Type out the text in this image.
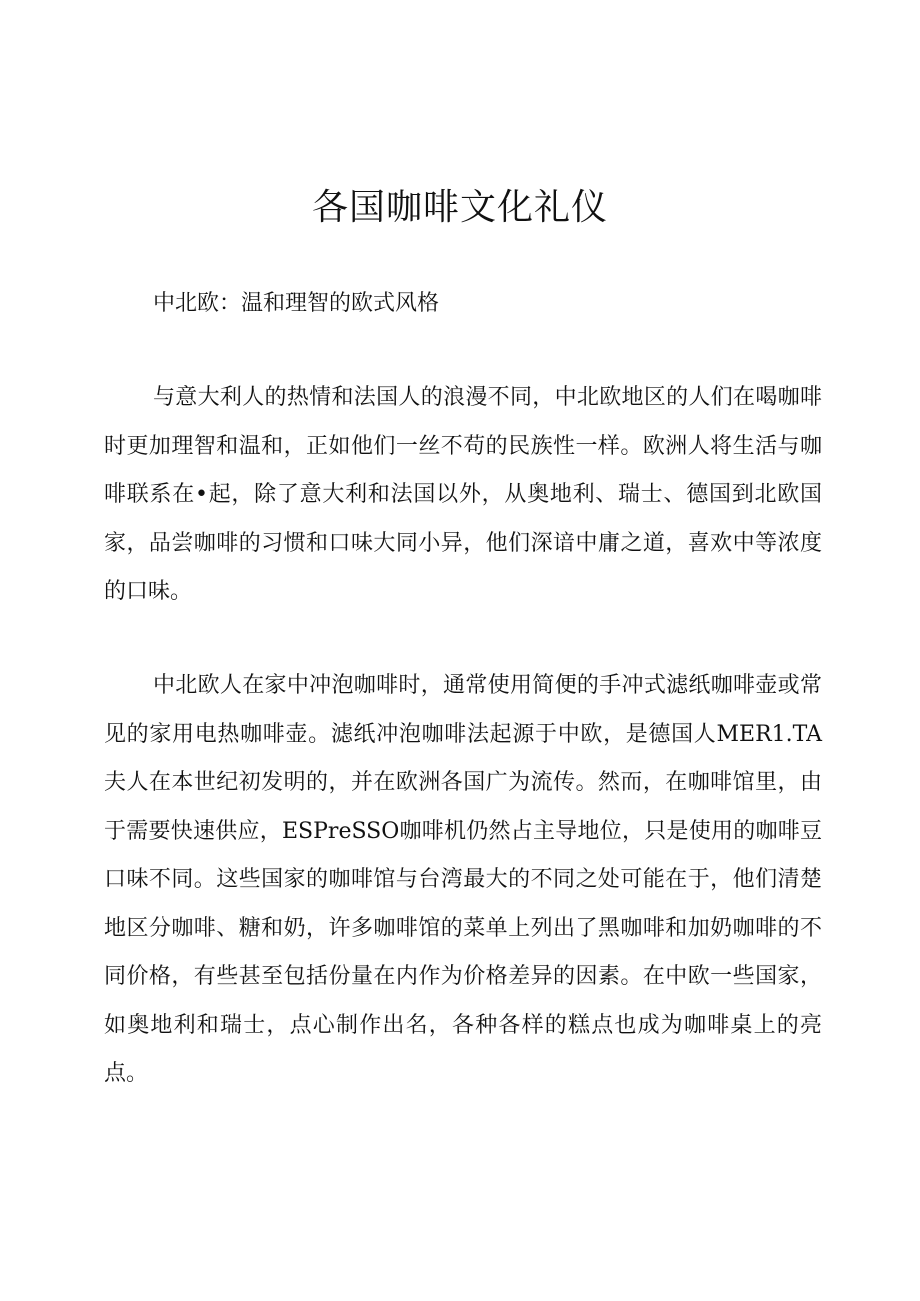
各国咖啡文化礼仪

中北欧：温和理智的欧式风格

与意大利人的热情和法国人的浪漫不同，中北欧地区的人们在喝咖啡时更加理智和温和，正如他们一丝不苟的民族性一样。欧洲人将生活与咖啡联系在•起，除了意大利和法国以外，从奥地利、瑞士、德国到北欧国家，品尝咖啡的习惯和口味大同小异，他们深谙中庸之道，喜欢中等浓度的口味。

中北欧人在家中冲泡咖啡时，通常使用简便的手冲式滤纸咖啡壶或常见的家用电热咖啡壶。滤纸冲泡咖啡法起源于中欧，是德国人MER1.TA夫人在本世纪初发明的，并在欧洲各国广为流传。然而，在咖啡馆里，由于需要快速供应，ESPreSSO咖啡机仍然占主导地位，只是使用的咖啡豆口味不同。这些国家的咖啡馆与台湾最大的不同之处可能在于，他们清楚地区分咖啡、糖和奶，许多咖啡馆的菜单上列出了黑咖啡和加奶咖啡的不同价格，有些甚至包括份量在内作为价格差异的因素。在中欧一些国家，如奥地利和瑞士，点心制作出名，各种各样的糕点也成为咖啡桌上的亮点。
